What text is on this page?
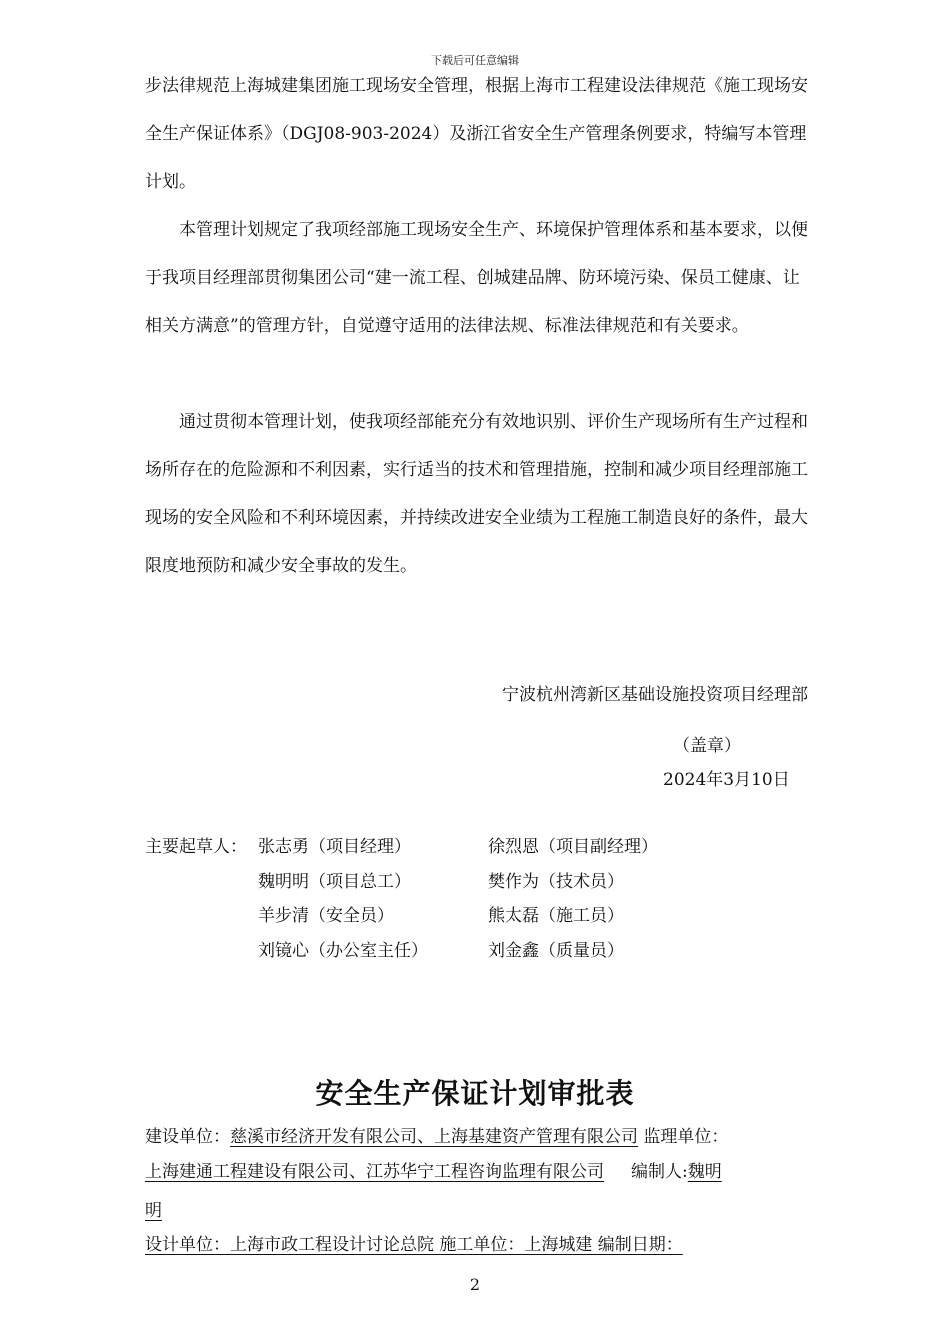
下载后可任意编辑

步法律规范上海城建集团施工现场安全管理，根据上海市工程建设法律规范《施工现场安全生产保证体系》（DGJ08-903-2024）及浙江省安全生产管理条例要求，特编写本管理计划。

本管理计划规定了我项经部施工现场安全生产、环境保护管理体系和基本要求，以便于我项目经理部贯彻集团公司“建一流工程、创城建品牌、防环境污染、保员工健康、让相关方满意”的管理方针，自觉遵守适用的法律法规、标准法律规范和有关要求。

通过贯彻本管理计划，使我项经部能充分有效地识别、评价生产现场所有生产过程和场所存在的危险源和不利因素，实行适当的技术和管理措施，控制和减少项目经理部施工现场的安全风险和不利环境因素，并持续改进安全业绩为工程施工制造良好的条件，最大限度地预防和减少安全事故的发生。

宁波杭州湾新区基础设施投资项目经理部
（盖章）
2024年3月10日
主要起草人： 张志勇（项目经理）	徐烈恩（项目副经理）
魏明明（项目总工）	樊作为（技术员）
羊步清（安全员）	熊太磊（施工员）
刘镜心（办公室主任）	刘金鑫（质量员）
安全生产保证计划审批表
建设单位：慈溪市经济开发有限公司、上海基建资产管理有限公司 监理单位：
上海建通工程建设有限公司、江苏华宁工程咨询监理有限公司 编制人:魏明
明
设计单位：上海市政工程设计讨论总院 施工单位：上海城建 编制日期：
2
